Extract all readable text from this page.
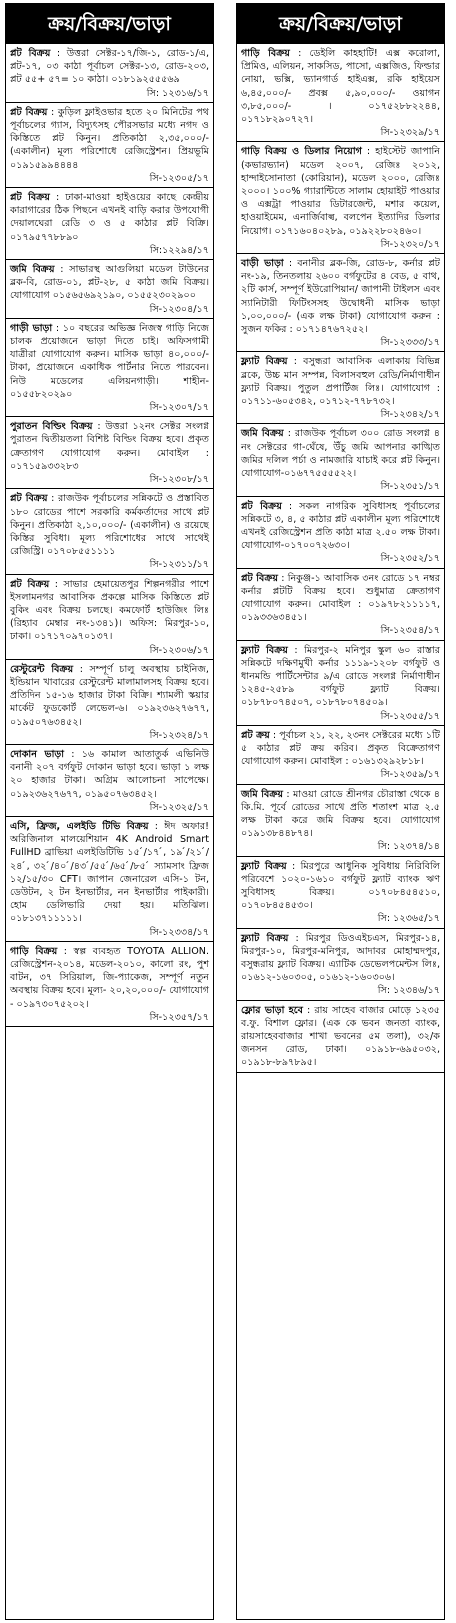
ক্রয়/বিক্রয়/ভাড়া
প্লট বিক্রয় : উত্তরা সেক্টর-১৭/জি-১, রোড-১/এ, প্লট-১৭, ০৩ কাঠা পূর্বাচল সেক্টর-১৩, রোড-২০৩, প্লট ৫৫+ ৫৭= ১০ কাঠা। ০১৮১৯২৫৫৫৬৯
সি: ১২৩১৬/১৭
প্লট বিক্রয় : কুড়িল ফ্লাইওভার হতে ২০ মিনিটের পথ পূর্বাচলের গ্যাস, বিদ্যুৎসহ পৌরসভার মধ্যে নগদ ও কিস্তিতে প্লট কিনুন। প্রতিকাঠা ২,৩৫,০০০/- (একালীন) মূল্য পরিশোধে রেজিস্ট্রেশন। প্রিয়ভূমি ০১৯১৫৯৯৪৪৪৪
সি-১২৩০৫/১৭
প্লট বিক্রয় : ঢাকা-মাওয়া হাইওয়ের কাছে কেন্দ্রীয় কারাগারের ঠিক পিছনে এখনই বাড়ি করার উপযোগী দেয়ালঘেরা রেডি ৩ ও ৫ কাঠার প্লট বিক্রি। ০১৭৯৫৭৭৮৮৯০
সি:১২২৯৪/১৭
জমি বিক্রয় : সাভারস্থ আগুলিয়া মডেল টাউনের ব্লক-বি, রোড-০১, প্লট-২৮, ৫ কাঠা জমি বিক্রয়। যোগাযোগ ০১৫৬৫৬৯২১৯০, ০১৫৫২৩০২৯০০
সি-১২৩০৪/১৭
গাড়ী ভাড়া : ১০ বছরের অভিজ্ঞ নিজস্ব গাড়ি নিজে চালক প্রয়োজনে ভাড়া দিতে চাই। অফিসগামী যাত্রীরা যোগাযোগ করুন। মাসিক ভাড়া ৪০,০০০/- টাকা, প্রয়োজনে একাধিক পার্টনার নিতে পারবেন। নিউ মডেলের এলিয়নগাড়ী। শাহীন- ০১৫৫৮২০২৯০
সি-১২৩০৭/১৭
পুরাতন বিল্ডিং বিক্রয় : উত্তরা ১২নং সেক্টর সংলগ্ন পুরাতন দ্বিতীয়তলা বিশিষ্ট বিল্ডিং বিক্রয় হবে। প্রকৃত ক্রেতাগণ যোগাযোগ করুন। মোবাইল : ০১৭১৫৯৩৩২৮৩
সি-১২৩০৮/১৭
প্লট বিক্রয় : রাজউক পূর্বাচলের সন্নিকটে ও প্রস্তাবিত ১৮০ রোডের পাশে সরকারি কর্মকর্তাদের সাথে প্লট কিনুন। প্রতিকাঠা ২,১০,০০০/- (একালীন) ও রয়েছে কিস্তির সুবিধা। মূল্য পরিশোধের সাথে সাথেই রেজিস্ট্রি। ০১৭০৮৫৫১১১১
সি-১২৩১১/১৭
প্লট বিক্রয় : সাভার হেমায়েতপুর শিল্পনগরীর পাশে ইসলামনগর আবাসিক প্রকল্পে মাসিক কিস্তিতে প্লট বুকিং এবং বিক্রয় চলছে। কমফোর্ট হাউজিং লিঃ (রিহ্যাব মেম্বার নং-১৩৪১)। অফিস: মিরপুর-১০, ঢাকা। ০১৭১৭০৯৭০১৩৭।
সি-১২৩০৬/১৭
রেস্টুরেন্ট বিক্রয় : সম্পূর্ণ চালু অবস্থায় চাইনিজ, ইন্ডিয়ান খাবারের রেস্টুরেন্ট মালামালসহ বিক্রয় হবে। প্রতিদিন ১৫-১৬ হাজার টাকা বিক্রি। শ্যামলী স্কয়ার মার্কেট ফুডকোর্ট লেভেল-৬। ০১৯২৩৬২৭৬৭৭, ০১৯৫০৭৬৩৪৫২।
সি-১২৩২৪/১৭
দোকান ভাড়া : ১৬ কামাল আতাতুর্ক এভিনিউ বনানী ২০৭ বর্গফুট দোকান ভাড়া হবে। ভাড়া ১ লক্ষ ২০ হাজার টাকা। অগ্রিম আলোচনা সাপেক্ষে। ০১৯২৩৬২৭৬৭৭, ০১৯৫০৭৬৩৪৫২।
সি-১২৩২৫/১৭
এসি, ফ্রিজ, এলইডি টিভি বিক্রয় : ঈদ অফার! অরিজিনাল মালয়েশিয়ান 4K Android Smart FullHD ব্রাভিয়া এলইডিটিভি ১৫ ́/১৭ ́, ১৯ ́/২১ ́/২৪ ́, ৩২ ́/৪০ ́/৪৩ ́/৫৫ ́/৬৫ ́/৮৫ ́ স্যামসাং ফ্রিজ ১২/১৫/৩০ CFT। জাপান জেনারেল এসি-১ টন, ডেউটন, ২ টন ইনভার্টার, নন ইনভার্টার পাইকারী। হোম ডেলিভারি দেয়া হয়। মতিঝিল। ০১৮১৩৭১১১১১।
সি-১২৩৩৪/১৭
গাড়ি বিক্রয় : স্বল্প ব্যবহৃত TOYOTA ALLION. রেজিস্ট্রেশন-২০১৪, মডেল-২০১০, কালো রং, পুশ বাটন, ৩৭ সিরিয়াল, জি-প্যাকেজ, সম্পূর্ণ নতুন অবস্থায় বিক্রয় হবে। মূল্য- ২০,২০,০০০/- যোগাযোগ - ০১৯৭৩০৭৫২০২।
সি-১২৩৫৭/১৭
ক্রয়/বিক্রয়/ভাড়া
গাড়ি বিক্রয় : ডেইলি কাহহাটি! এক্স করোলা, প্রিমিও, এলিয়ন, সাকসিড, পাসো, এক্সজিও, ফিল্ডার নোয়া, ভক্সি, ভ্যানগার্ড হাইএক্স, রকি হাইয়েস ৬,৪৫,০০০/- প্রবক্স ৫,৯০,০০০/- ওয়াগন ৩,৮৫,০০০/- । ০১৭৫২৮৮২২৪৪, ০১৭১৮২৯০৭২৭।
সি-১২৩২৯/১৭
গাড়ি বিক্রয় ও ডিলার নিয়োগ : হাইস্টেট জাপানি (কভারভ্যান) মডেল ২০০৭, রেজিঃ ২০১২, হান্দাইসোনাতা (কোরিয়ান), মডেল ২০০০, রেজিঃ ২০০০। ১০০% গ্যারান্টিতে সালাম হোয়াইট পাওয়ার ও এক্সট্রা পাওয়ার ডিটারজেন্ট, মশার কয়েল, হাওয়াইমেম, এনার্জিবাল্ব, বলপেন ইত্যাদির ডিলার নিয়োগ। ০১৭১৬০৪০২৮৯, ০১৯২২৮০২৪৬০।
সি-১২৩২০/১৭
বাড়ী ভাড়া : বনানীর ব্লক-জি, রোড-৮, কর্নার প্লট নং-১৯, তিনতলায় ২৬০০ বর্গফুটের ৪ বেড, ৫ বাথ, ২টি কার্স, সম্পূর্ণ ইউরোপিয়ান/ জাপানী টাইলস এবং স্যানিটারী ফিটিংসসহ উদ্বোধনী মাসিক ভাড়া ১,০০,০০০/- (এক লক্ষ টাকা) যোগাযোগ করুন : সুজন ফকির : ০১৭১৪৭৬৭২৫২।
সি-১২৩৩৩/১৭
ফ্ল্যাট বিক্রয় : বসুন্ধরা আবাসিক এলাকায় বিভিন্ন ব্লকে, উচ্চ মান সম্পন্ন, বিলাসবহুল রেডি/নির্মাণাধীন ফ্ল্যাট বিক্রয়। পুতুল প্রপার্টিজ লিঃ। যোগাযোগ : ০১৭১১-৬০৫৩৪২, ০১৭১২-৭৭৮৭৩২।
সি-১২৩৪২/১৭
জমি বিক্রয় : রাজউক পূর্বাচল ৩০০ রোড সংলগ্ন ৪ নং সেক্টরের গা-ঘেঁষে, উঁচু জমি আপনার কাঙ্খিত জমির দলিল পর্চা ও নামজারি যাচাই করে প্লট কিনুন। যোগাযোগ-০১৬৭৭৫৫৫৫২২।
সি-১২৩৫১/১৭
প্লট বিক্রয় : সকল নাগরিক সুবিধাসহ পূর্বাচলের সন্নিকটে ৩, ৪, ৫ কাঠার প্লট একালীন মূল্য পরিশোধে এখনই রেজিস্ট্রেশন প্রতি কাঠা মাত্র ২.৫০ লক্ষ টাকা। যোগাযোগ-০১৭০০৭২৬৩০।
সি-১২৩৫২/১৭
প্লট বিক্রয় : নিকুঞ্জ-১ আবাসিক ৩নং রোডে ১৭ নম্বর কর্নার প্লটটি বিক্রয় হবে। শুধুমাত্র ক্রেতাগণ যোগাযোগ করুন। মোবাইল : ০১৯৭৮২১১১১৭, ০১৯৩৩৬৩৪৫১।
সি-১২৩৫৪/১৭
ফ্ল্যাট বিক্রয় : মিরপুর-২ মনিপুর স্কুল ৬০ রাস্তার সন্নিকটে দক্ষিণমুখী কর্নার ১১১৯-১২০৮ বর্গফুট ও ধানমন্ডি পার্টিসেন্টার ৯/এ রোডে সংলগ্ন নির্মাণাধীন ১২৪৫-২৫৮৯ বর্গফুট ফ্ল্যাট বিক্রয়। ০১৮৭৮০৭৪৫০৭, ০১৮৭৮০৭৪৫০৯।
সি-১২৩৫৫/১৭
প্লট ক্রয় : পূর্বাচল ২১, ২২, ২৩নং সেক্টরের মধ্যে ১টি ৫ কাঠার প্লট ক্রয় করিব। প্রকৃত বিক্রেতাগণ যোগাযোগ করুন। মোবাইল : ০১৬১৩২৯২৮১৮।
সি-১২৩৫৯/১৭
জমি বিক্রয় : মাওয়া রোডে শ্রীনগর চৌরাস্তা থেকে ৪ কি.মি. পূর্বে রোডের সাথে প্রতি শতাংশ মাত্র ২.৫ লক্ষ টাকা করে জমি বিক্রয় হবে। যোগাযোগ ০১৯১৩৮৪৪৮৭৪।
সি: ১২৩৭৪/১৪
ফ্ল্যাট বিক্রয় : মিরপুরে আধুনিক সুবিধায় নিরিবিলি পরিবেশে ১০২০-১৬১০ বর্গফুট ফ্ল্যাট ব্যাংক ঋণ সুবিধাসহ বিক্রয়। ০১৭০৮৪৫৪৫১০, ০১৭০৮৪৫৪৫৩০।
সি: ১২৩৬৫/১৭
ফ্ল্যাট বিক্রয় : মিরপুর ডিওএইচএস, মিরপুর-১৪, মিরপুর-১০, মিরপুর-মনিপুর, আদাবর মোহাম্মদপুর, বসুন্ধরায় ফ্ল্যাট বিক্রয়। এ্যাটিক ডেভেলপমেন্টস লিঃ, ০১৬১২-১৬০৩০৫, ০১৬১২-১৬০৩০৬।
সি: ১২৩৪৬/১৭
ফ্লোর ভাড়া হবে : রায় সাহেব বাজার মোড়ে ১২৩৫ ব.ফু. বিশাল ফ্লোর। (এক কে ভবন জনতা ব্যাংক, রায়সাহেববাজার শাখা ভবনের ৫ম তলা), ৩২/ক জনসন রোড, ঢাকা। ০১৯১৮-৬৯৫০৩২, ০১৯১৮-৮৯৭৮৯৫।
